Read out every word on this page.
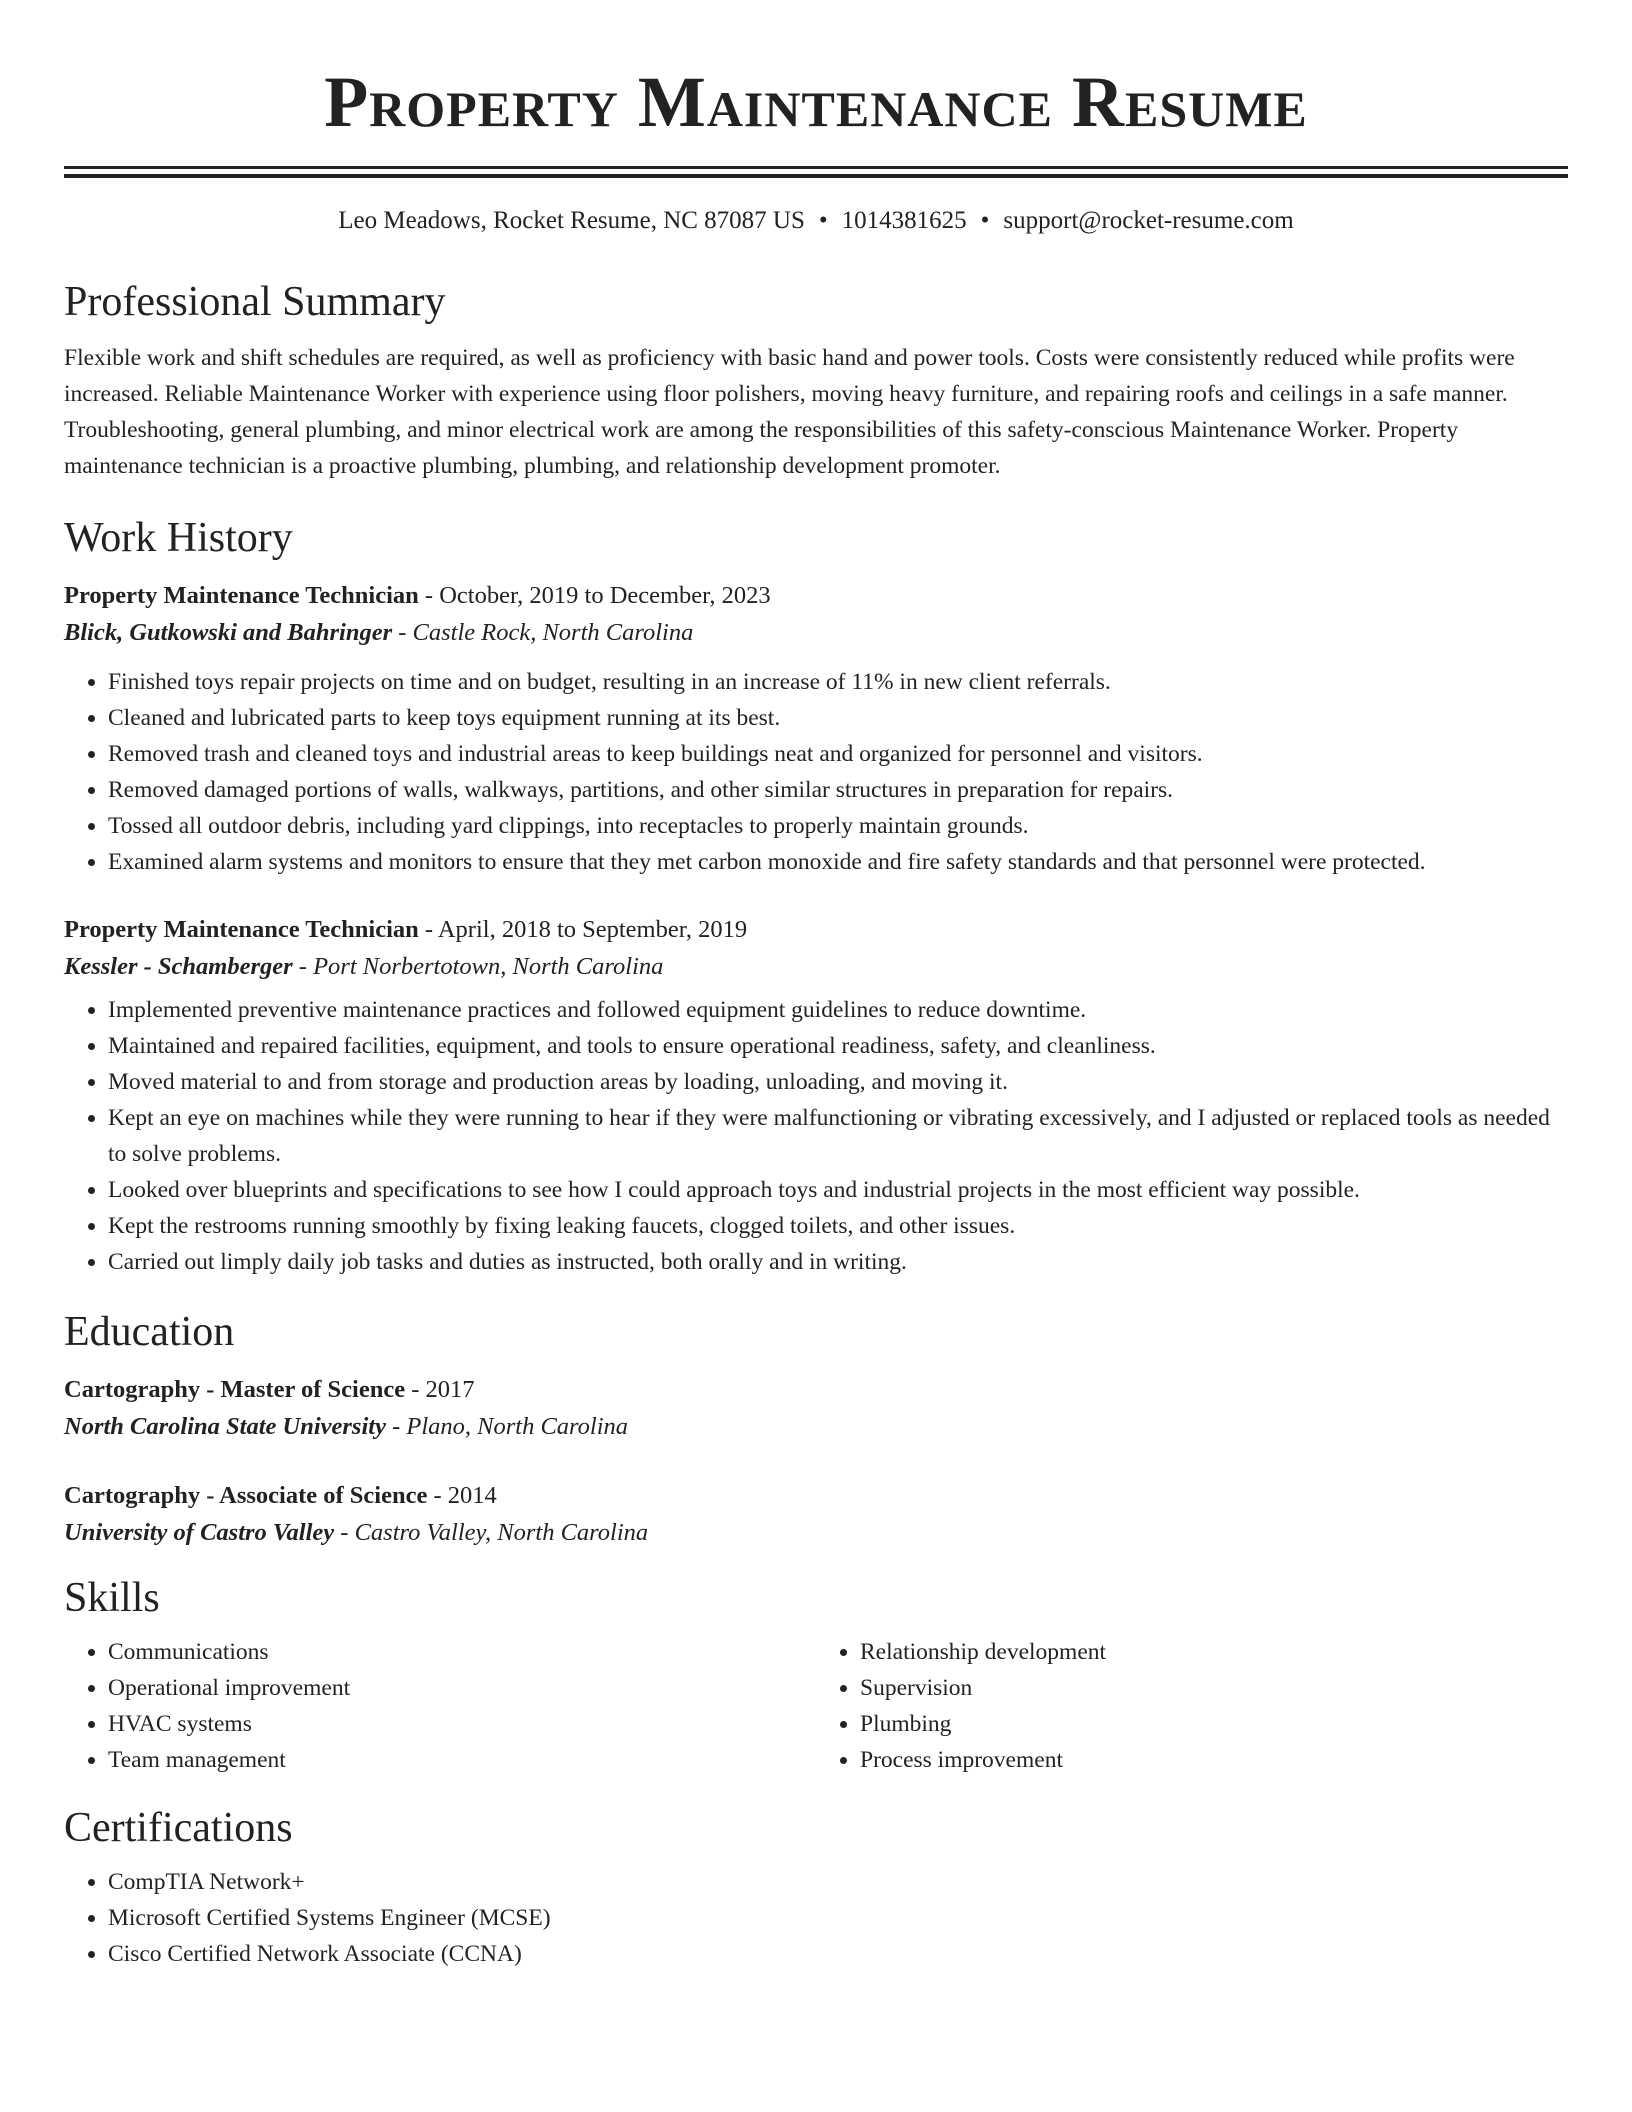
Property Maintenance Resume
Leo Meadows, Rocket Resume, NC 87087 US • 1014381625 • support@rocket-resume.com
Professional Summary

Flexible work and shift schedules are required, as well as proficiency with basic hand and power tools. Costs were consistently reduced while profits were increased. Reliable Maintenance Worker with experience using floor polishers, moving heavy furniture, and repairing roofs and ceilings in a safe manner. Troubleshooting, general plumbing, and minor electrical work are among the responsibilities of this safety-conscious Maintenance Worker. Property maintenance technician is a proactive plumbing, plumbing, and relationship development promoter.

Work History

Property Maintenance Technician - October, 2019 to December, 2023

Blick, Gutkowski and Bahringer - Castle Rock, North Carolina

• Finished toys repair projects on time and on budget, resulting in an increase of 11% in new client referrals.
• Cleaned and lubricated parts to keep toys equipment running at its best.
• Removed trash and cleaned toys and industrial areas to keep buildings neat and organized for personnel and visitors.
• Removed damaged portions of walls, walkways, partitions, and other similar structures in preparation for repairs.
• Tossed all outdoor debris, including yard clippings, into receptacles to properly maintain grounds.
• Examined alarm systems and monitors to ensure that they met carbon monoxide and fire safety standards and that personnel were protected.

Property Maintenance Technician - April, 2018 to September, 2019

Kessler - Schamberger - Port Norbertotown, North Carolina

• Implemented preventive maintenance practices and followed equipment guidelines to reduce downtime.
• Maintained and repaired facilities, equipment, and tools to ensure operational readiness, safety, and cleanliness.
• Moved material to and from storage and production areas by loading, unloading, and moving it.
• Kept an eye on machines while they were running to hear if they were malfunctioning or vibrating excessively, and I adjusted or replaced tools as needed to solve problems.
• Looked over blueprints and specifications to see how I could approach toys and industrial projects in the most efficient way possible.
• Kept the restrooms running smoothly by fixing leaking faucets, clogged toilets, and other issues.
• Carried out limply daily job tasks and duties as instructed, both orally and in writing.
Education

Cartography - Master of Science - 2017

North Carolina State University - Plano, North Carolina

Cartography - Associate of Science - 2014

University of Castro Valley - Castro Valley, North Carolina

Skills
• Communications
• Operational improvement
• HVAC systems
• Team management
• Relationship development
• Supervision
• Plumbing
• Process improvement
Certifications
• CompTIA Network+
• Microsoft Certified Systems Engineer (MCSE)
• Cisco Certified Network Associate (CCNA)
